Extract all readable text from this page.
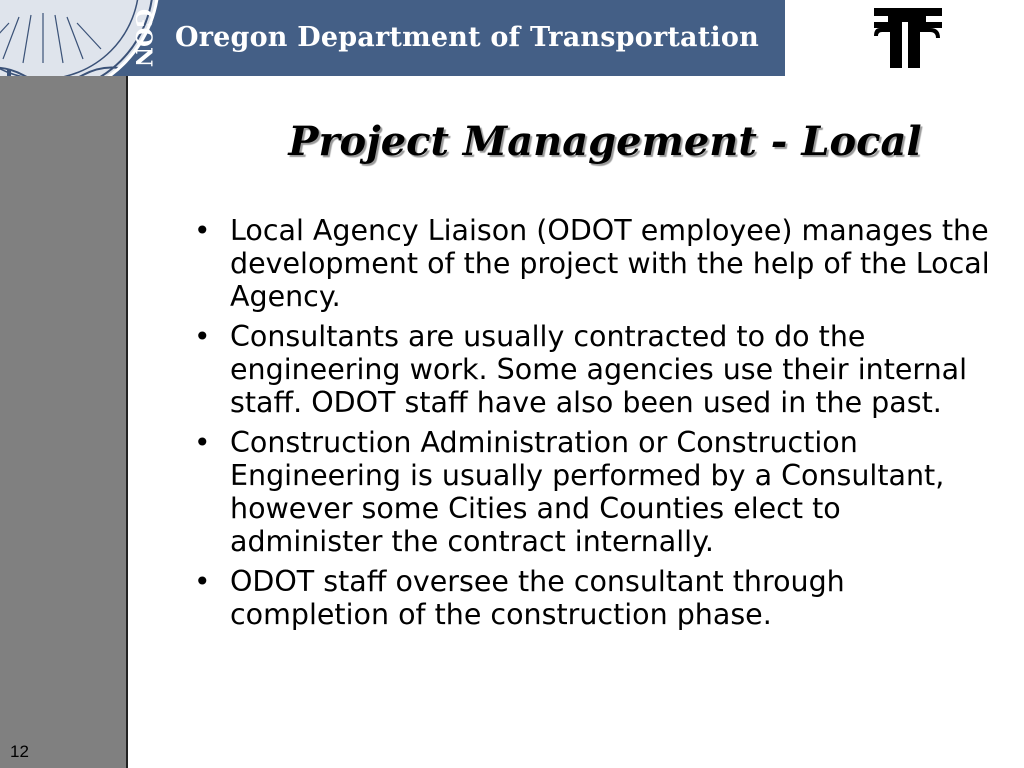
GON Oregon Department of Transportation
12
Project Management - Local
• Local Agency Liaison (ODOT employee) manages the development of the project with the help of the Local Agency.
• Consultants are usually contracted to do the engineering work. Some agencies use their internal staff. ODOT staff have also been used in the past.
• Construction Administration or Construction Engineering is usually performed by a Consultant, however some Cities and Counties elect to administer the contract internally.
• ODOT staff oversee the consultant through completion of the construction phase.
